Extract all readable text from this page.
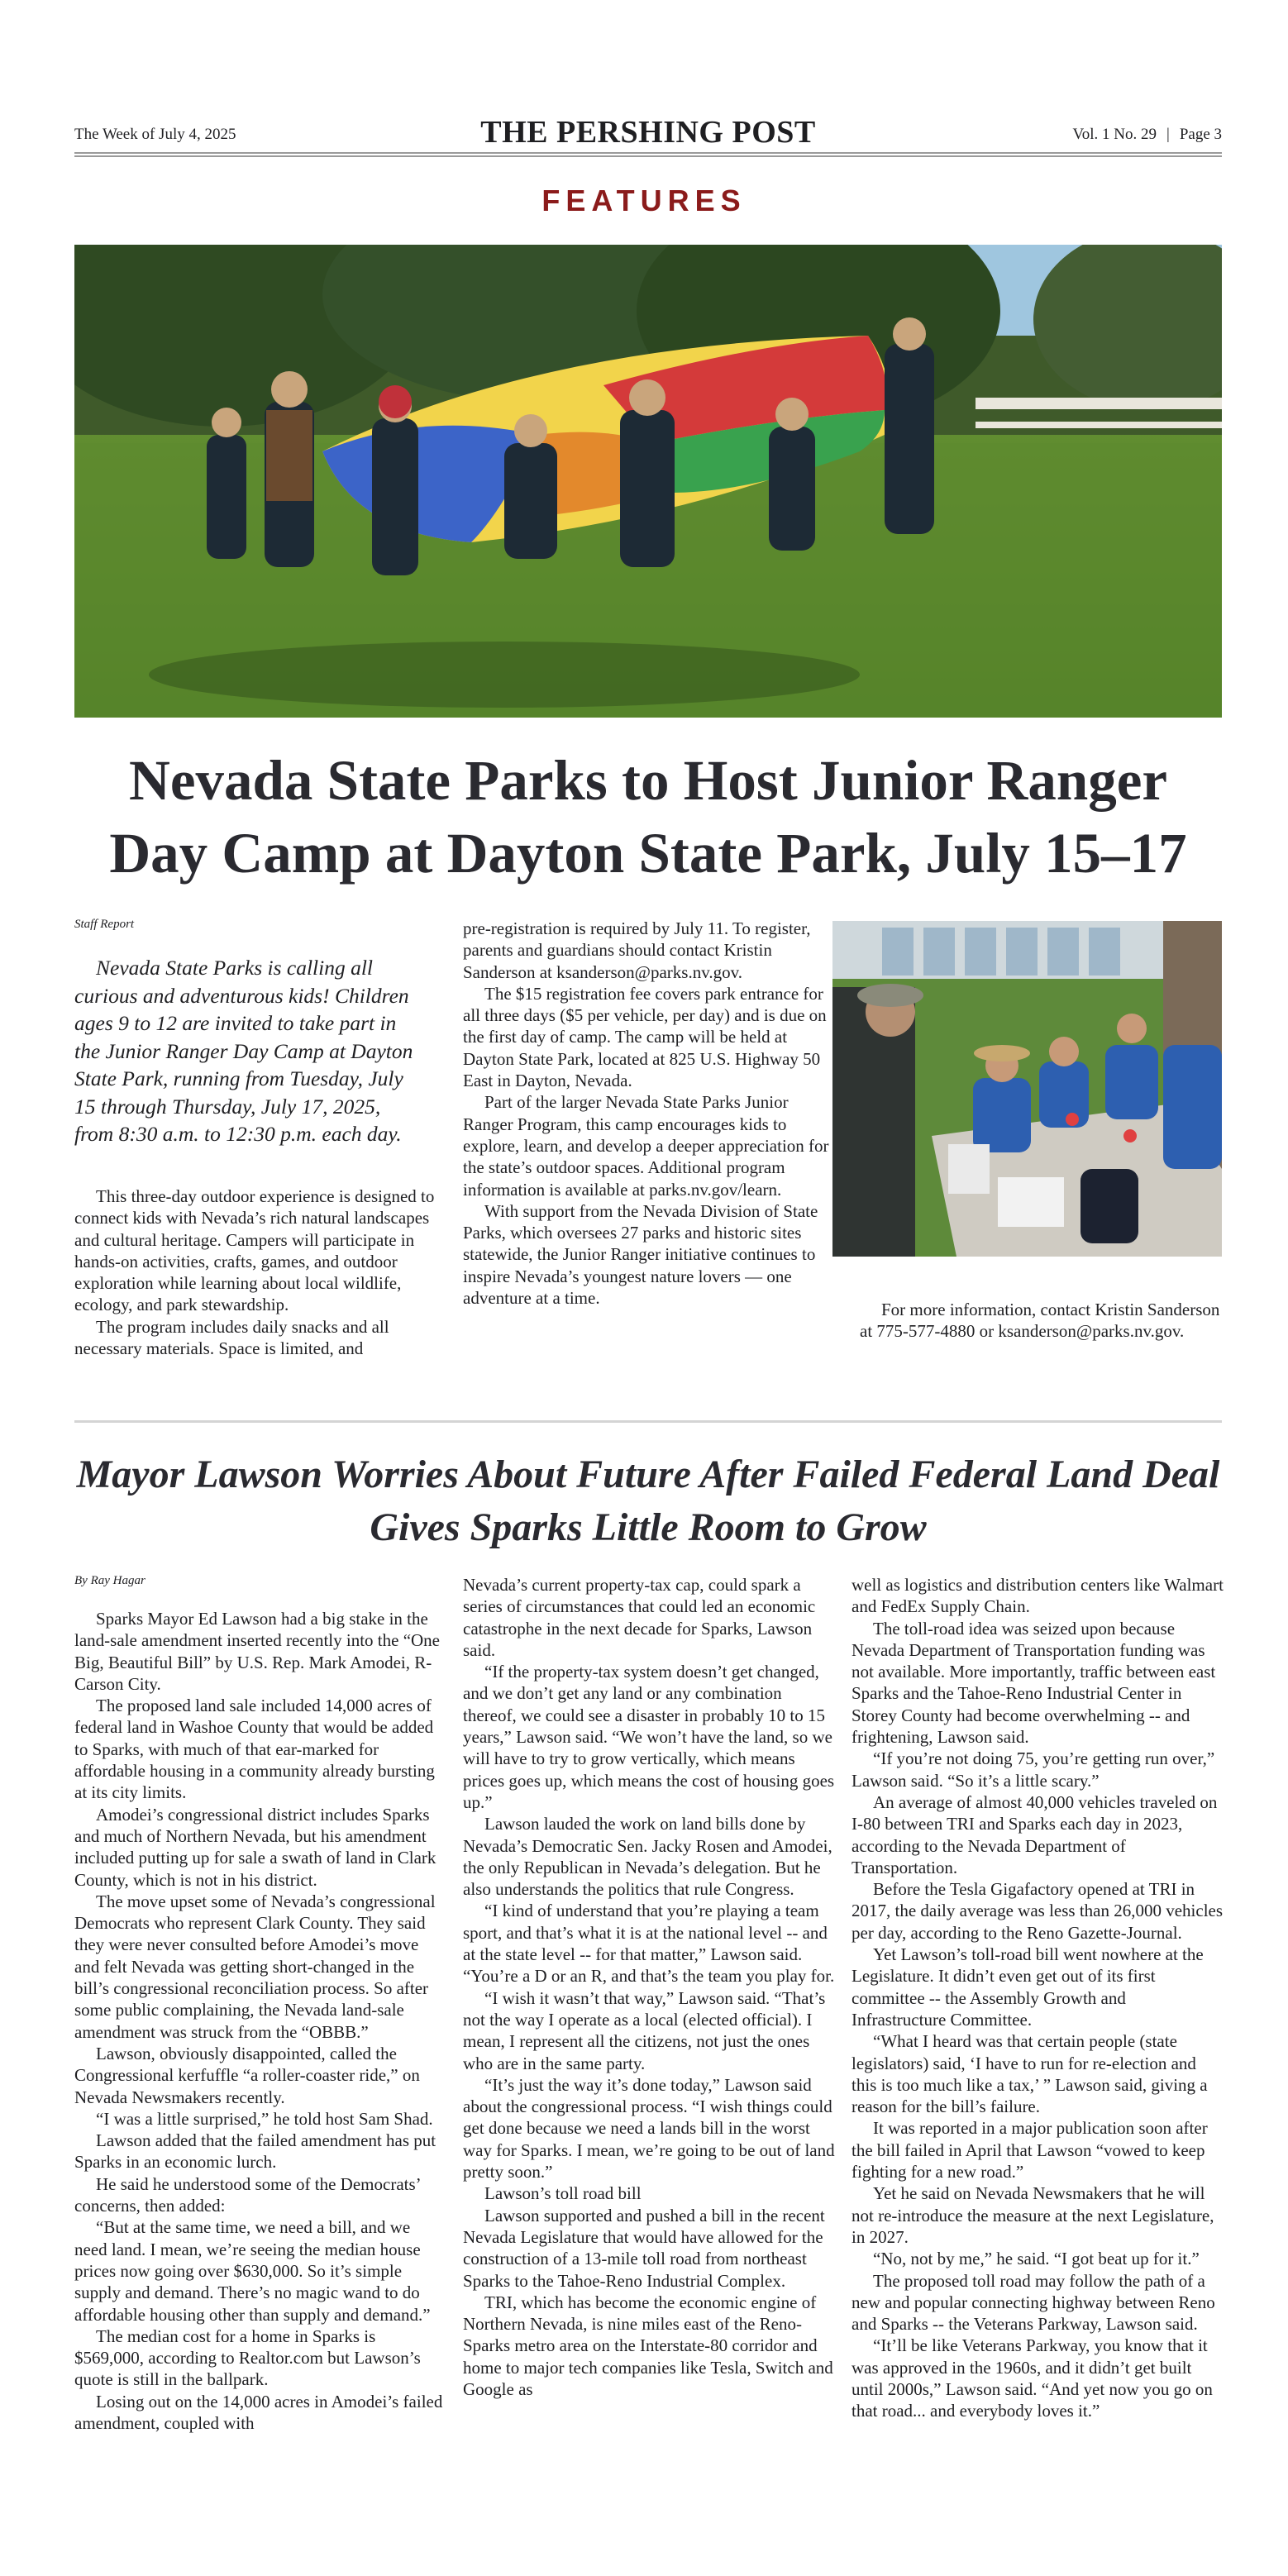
The Week of July 4, 2025	THE PERSHING POST	Vol. 1 No. 29 | Page 3
FEATURES
Nevada State Parks to Host Junior Ranger Day Camp at Dayton State Park, July 15–17
Staff Report

Nevada State Parks is calling all curious and adventurous kids! Children ages 9 to 12 are invited to take part in the Junior Ranger Day Camp at Dayton State Park, running from Tuesday, July 15 through Thursday, July 17, 2025, from 8:30 a.m. to 12:30 p.m. each day.

This three-day outdoor experience is designed to connect kids with Nevada’s rich natural landscapes and cultural heritage. Campers will participate in hands-on activities, crafts, games, and outdoor exploration while learning about local wildlife, ecology, and park stewardship.

The program includes daily snacks and all necessary materials. Space is limited, and

pre-registration is required by July 11. To register, parents and guardians should contact Kristin Sanderson at ksanderson@parks.nv.gov.

The $15 registration fee covers park entrance for all three days ($5 per vehicle, per day) and is due on the first day of camp. The camp will be held at Dayton State Park, located at 825 U.S. Highway 50 East in Dayton, Nevada.

Part of the larger Nevada State Parks Junior Ranger Program, this camp encourages kids to explore, learn, and develop a deeper appreciation for the state’s outdoor spaces. Additional program information is available at parks.nv.gov/learn.

With support from the Nevada Division of State Parks, which oversees 27 parks and historic sites statewide, the Junior Ranger initiative continues to inspire Nevada’s youngest nature lovers — one adventure at a time.

For more information, contact Kristin Sanderson at 775-577-4880 or ksanderson@parks.nv.gov.

Mayor Lawson Worries About Future After Failed Federal Land Deal Gives Sparks Little Room to Grow
By Ray Hagar

Sparks Mayor Ed Lawson had a big stake in the land-sale amendment inserted recently into the “One Big, Beautiful Bill” by U.S. Rep. Mark Amodei, R-Carson City.

The proposed land sale included 14,000 acres of federal land in Washoe County that would be added to Sparks, with much of that ear-marked for affordable housing in a community already bursting at its city limits.

Amodei’s congressional district includes Sparks and much of Northern Nevada, but his amendment included putting up for sale a swath of land in Clark County, which is not in his district.

The move upset some of Nevada’s congressional Democrats who represent Clark County. They said they were never consulted before Amodei’s move and felt Nevada was getting short-changed in the bill’s congressional reconciliation process. So after some public complaining, the Nevada land-sale amendment was struck from the “OBBB.”

Lawson, obviously disappointed, called the Congressional kerfuffle “a roller-coaster ride,” on Nevada Newsmakers recently.

“I was a little surprised,” he told host Sam Shad.

Lawson added that the failed amendment has put Sparks in an economic lurch.

He said he understood some of the Democrats’ concerns, then added:

“But at the same time, we need a bill, and we need land. I mean, we’re seeing the median house prices now going over $630,000. So it’s simple supply and demand. There’s no magic wand to do affordable housing other than supply and demand.”

The median cost for a home in Sparks is $569,000, according to Realtor.com but Lawson’s quote is still in the ballpark.

Losing out on the 14,000 acres in Amodei’s failed amendment, coupled with

Nevada’s current property-tax cap, could spark a series of circumstances that could led an economic catastrophe in the next decade for Sparks, Lawson said.

“If the property-tax system doesn’t get changed, and we don’t get any land or any combination thereof, we could see a disaster in probably 10 to 15 years,” Lawson said. “We won’t have the land, so we will have to try to grow vertically, which means prices goes up, which means the cost of housing goes up.”

Lawson lauded the work on land bills done by Nevada’s Democratic Sen. Jacky Rosen and Amodei, the only Republican in Nevada’s delegation. But he also understands the politics that rule Congress.

“I kind of understand that you’re playing a team sport, and that’s what it is at the national level -- and at the state level -- for that matter,” Lawson said. “You’re a D or an R, and that’s the team you play for.

“I wish it wasn’t that way,” Lawson said. “That’s not the way I operate as a local (elected official). I mean, I represent all the citizens, not just the ones who are in the same party.

“It’s just the way it’s done today,” Lawson said about the congressional process. “I wish things could get done because we need a lands bill in the worst way for Sparks. I mean, we’re going to be out of land pretty soon.”

Lawson’s toll road bill

Lawson supported and pushed a bill in the recent Nevada Legislature that would have allowed for the construction of a 13-mile toll road from northeast Sparks to the Tahoe-Reno Industrial Complex.

TRI, which has become the economic engine of Northern Nevada, is nine miles east of the Reno-Sparks metro area on the Interstate-80 corridor and home to major tech companies like Tesla, Switch and Google as

well as logistics and distribution centers like Walmart and FedEx Supply Chain.

The toll-road idea was seized upon because Nevada Department of Transportation funding was not available. More importantly, traffic between east Sparks and the Tahoe-Reno Industrial Center in Storey County had become overwhelming -- and frightening, Lawson said.

“If you’re not doing 75, you’re getting run over,” Lawson said. “So it’s a little scary.”

An average of almost 40,000 vehicles traveled on I-80 between TRI and Sparks each day in 2023, according to the Nevada Department of Transportation.

Before the Tesla Gigafactory opened at TRI in 2017, the daily average was less than 26,000 vehicles per day, according to the Reno Gazette-Journal.

Yet Lawson’s toll-road bill went nowhere at the Legislature. It didn’t even get out of its first committee -- the Assembly Growth and Infrastructure Committee.

“What I heard was that certain people (state legislators) said, ‘I have to run for re-election and this is too much like a tax,’ ” Lawson said, giving a reason for the bill’s failure.

It was reported in a major publication soon after the bill failed in April that Lawson “vowed to keep fighting for a new road.”

Yet he said on Nevada Newsmakers that he will not re-introduce the measure at the next Legislature, in 2027.

“No, not by me,” he said. “I got beat up for it.”

The proposed toll road may follow the path of a new and popular connecting highway between Reno and Sparks -- the Veterans Parkway, Lawson said.

“It’ll be like Veterans Parkway, you know that it was approved in the 1960s, and it didn’t get built until 2000s,” Lawson said. “And yet now you go on that road... and everybody loves it.”
